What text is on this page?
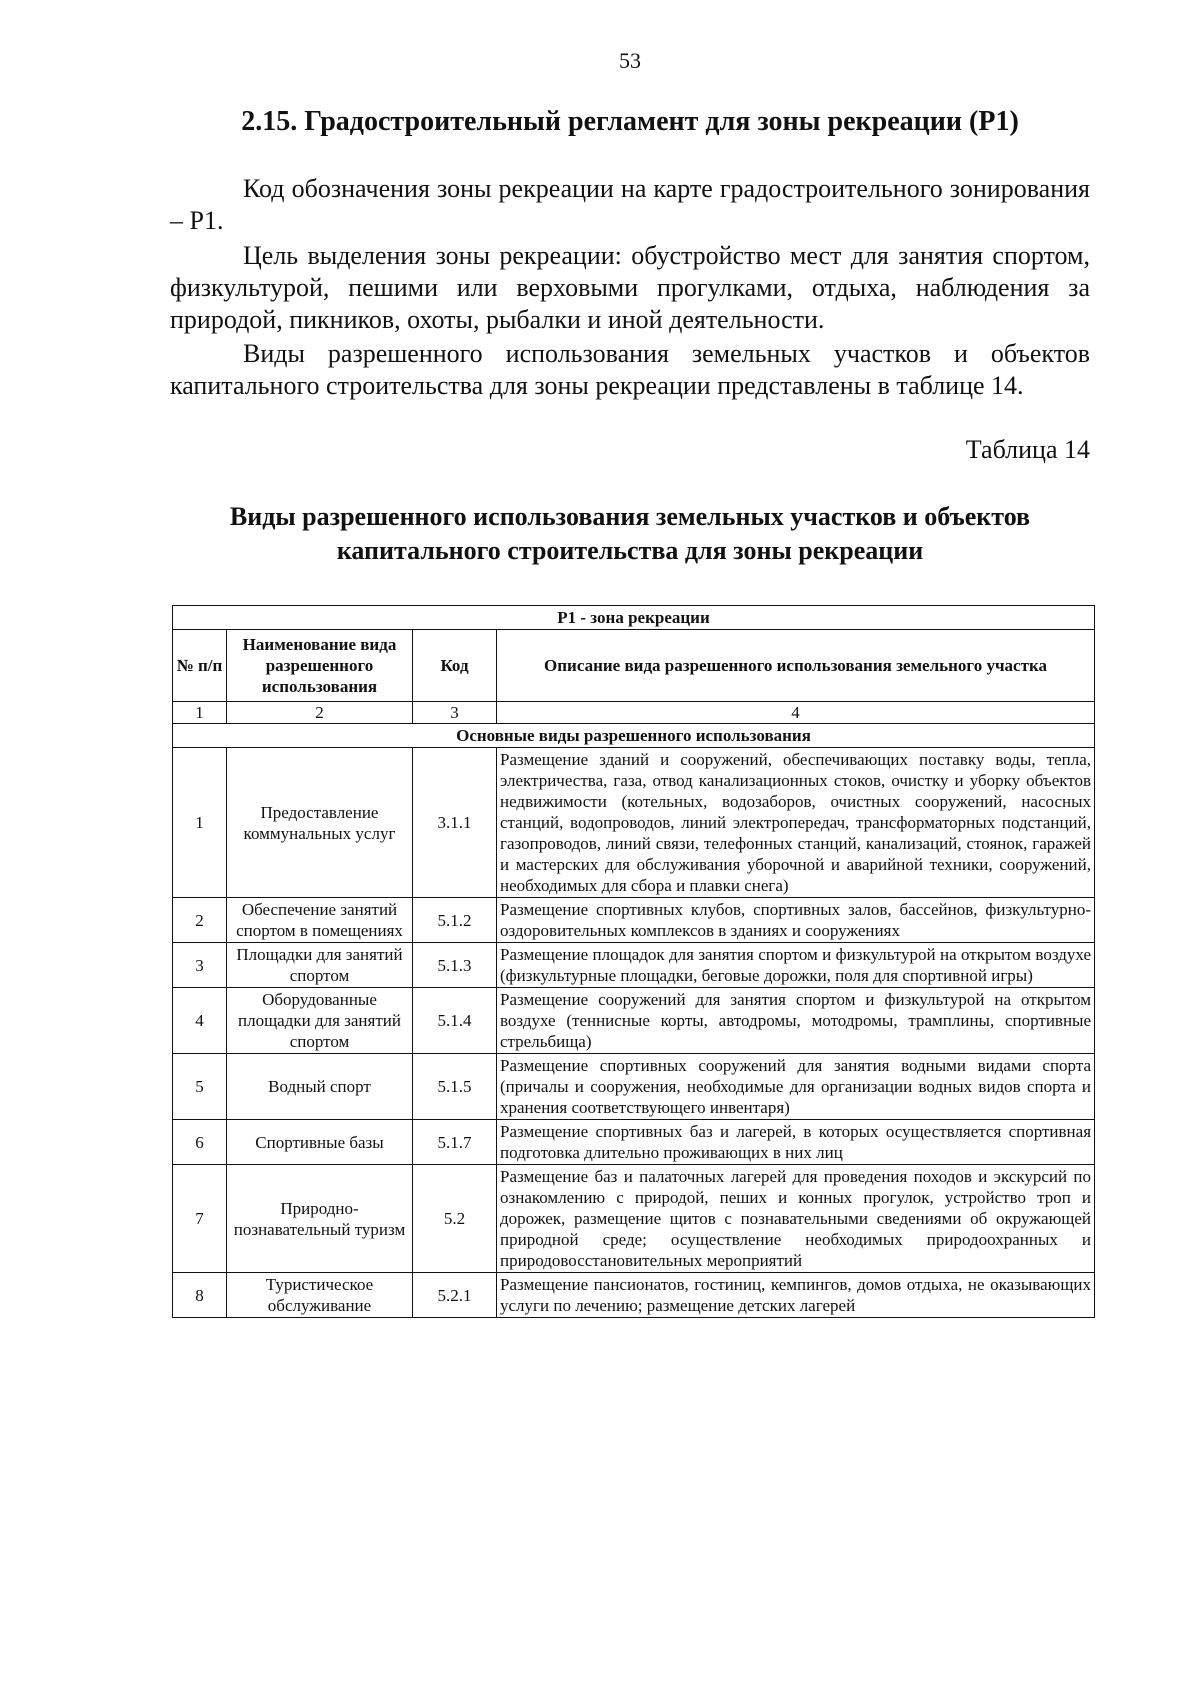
53
2.15. Градостроительный регламент для зоны рекреации (Р1)

Код обозначения зоны рекреации на карте градостроительного зонирования – Р1.

Цель выделения зоны рекреации: обустройство мест для занятия спортом, физкультурой, пешими или верховыми прогулками, отдыха, наблюдения за природой, пикников, охоты, рыбалки и иной деятельности.

Виды разрешенного использования земельных участков и объектов капитального строительства для зоны рекреации представлены в таблице 14.

Таблица 14
Виды разрешенного использования земельных участков и объектов капитального строительства для зоны рекреации
Р1 - зона рекреации			
№ п/п	Наименование вида разрешенного использования	Код	Описание вида разрешенного использования земельного участка
1	2	3	4
Основные виды разрешенного использования			
1	Предоставление коммунальных услуг	3.1.1	Размещение зданий и сооружений, обеспечивающих поставку воды, тепла, электричества, газа, отвод канализационных стоков, очистку и уборку объектов недвижимости (котельных, водозаборов, очистных сооружений, насосных станций, водопроводов, линий электропередач, трансформаторных подстанций, газопроводов, линий связи, телефонных станций, канализаций, стоянок, гаражей и мастерских для обслуживания уборочной и аварийной техники, сооружений, необходимых для сбора и плавки снега)
2	Обеспечение занятий спортом в помещениях	5.1.2	Размещение спортивных клубов, спортивных залов, бассейнов, физкультурно-оздоровительных комплексов в зданиях и сооружениях
3	Площадки для занятий спортом	5.1.3	Размещение площадок для занятия спортом и физкультурой на открытом воздухе (физкультурные площадки, беговые дорожки, поля для спортивной игры)
4	Оборудованные площадки для занятий спортом	5.1.4	Размещение сооружений для занятия спортом и физкультурой на открытом воздухе (теннисные корты, автодромы, мотодромы, трамплины, спортивные стрельбища)
5	Водный спорт	5.1.5	Размещение спортивных сооружений для занятия водными видами спорта (причалы и сооружения, необходимые для организации водных видов спорта и хранения соответствующего инвентаря)
6	Спортивные базы	5.1.7	Размещение спортивных баз и лагерей, в которых осуществляется спортивная подготовка длительно проживающих в них лиц
7	Природно-познавательный туризм	5.2	Размещение баз и палаточных лагерей для проведения походов и экскурсий по ознакомлению с природой, пеших и конных прогулок, устройство троп и дорожек, размещение щитов с познавательными сведениями об окружающей природной среде; осуществление необходимых природоохранных и природовосстановительных мероприятий
8	Туристическое обслуживание	5.2.1	Размещение пансионатов, гостиниц, кемпингов, домов отдыха, не оказывающих услуги по лечению; размещение детских лагерей
